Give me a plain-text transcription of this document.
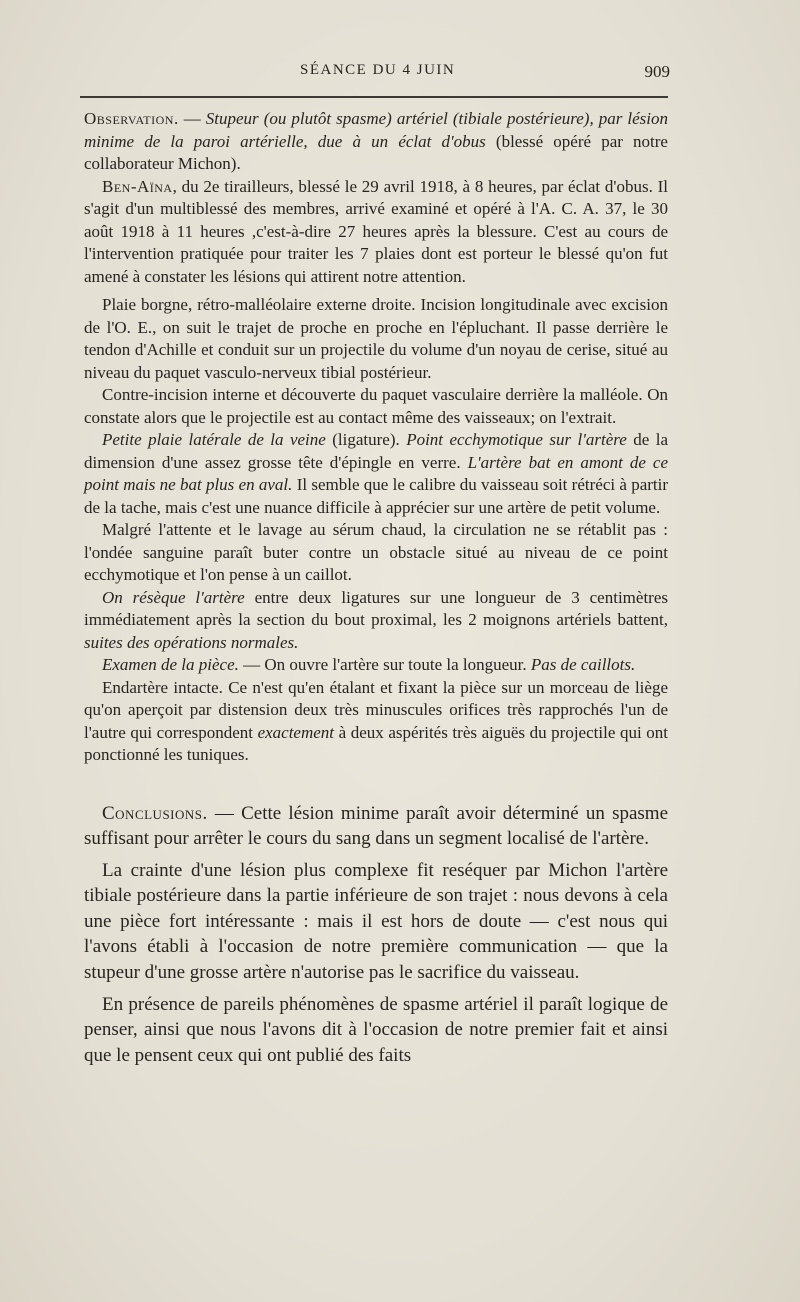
SÉANCE DU 4 JUIN	909

Observation. — Stupeur (ou plutôt spasme) artériel (tibiale postérieure), par lésion minime de la paroi artérielle, due à un éclat d'obus (blessé opéré par notre collaborateur Michon).

Ben-Aïna, du 2e tirailleurs, blessé le 29 avril 1918, à 8 heures, par éclat d'obus. Il s'agit d'un multiblessé des membres, arrivé examiné et opéré à l'A. C. A. 37, le 30 août 1918 à 11 heures ,c'est-à-dire 27 heures après la blessure. C'est au cours de l'intervention pratiquée pour traiter les 7 plaies dont est porteur le blessé qu'on fut amené à constater les lésions qui attirent notre attention.

Plaie borgne, rétro-malléolaire externe droite. Incision longitudinale avec excision de l'O. E., on suit le trajet de proche en proche en l'épluchant. Il passe derrière le tendon d'Achille et conduit sur un projectile du volume d'un noyau de cerise, situé au niveau du paquet vasculo-nerveux tibial postérieur.

Contre-incision interne et découverte du paquet vasculaire derrière la malléole. On constate alors que le projectile est au contact même des vaisseaux; on l'extrait.

Petite plaie latérale de la veine (ligature). Point ecchymotique sur l'artère de la dimension d'une assez grosse tête d'épingle en verre. L'artère bat en amont de ce point mais ne bat plus en aval. Il semble que le calibre du vaisseau soit rétréci à partir de la tache, mais c'est une nuance difficile à apprécier sur une artère de petit volume.

Malgré l'attente et le lavage au sérum chaud, la circulation ne se rétablit pas : l'ondée sanguine paraît buter contre un obstacle situé au niveau de ce point ecchymotique et l'on pense à un caillot.

On résèque l'artère entre deux ligatures sur une longueur de 3 centimètres immédiatement après la section du bout proximal, les 2 moignons artériels battent, suites des opérations normales.

Examen de la pièce. — On ouvre l'artère sur toute la longueur. Pas de caillots.

Endartère intacte. Ce n'est qu'en étalant et fixant la pièce sur un morceau de liège qu'on aperçoit par distension deux très minuscules orifices très rapprochés l'un de l'autre qui correspondent exactement à deux aspérités très aiguës du projectile qui ont ponctionné les tuniques.

Conclusions. — Cette lésion minime paraît avoir déterminé un spasme suffisant pour arrêter le cours du sang dans un segment localisé de l'artère.

La crainte d'une lésion plus complexe fit reséquer par Michon l'artère tibiale postérieure dans la partie inférieure de son trajet : nous devons à cela une pièce fort intéressante : mais il est hors de doute — c'est nous qui l'avons établi à l'occasion de notre première communication — que la stupeur d'une grosse artère n'autorise pas le sacrifice du vaisseau.

En présence de pareils phénomènes de spasme artériel il paraît logique de penser, ainsi que nous l'avons dit à l'occasion de notre premier fait et ainsi que le pensent ceux qui ont publié des faits
